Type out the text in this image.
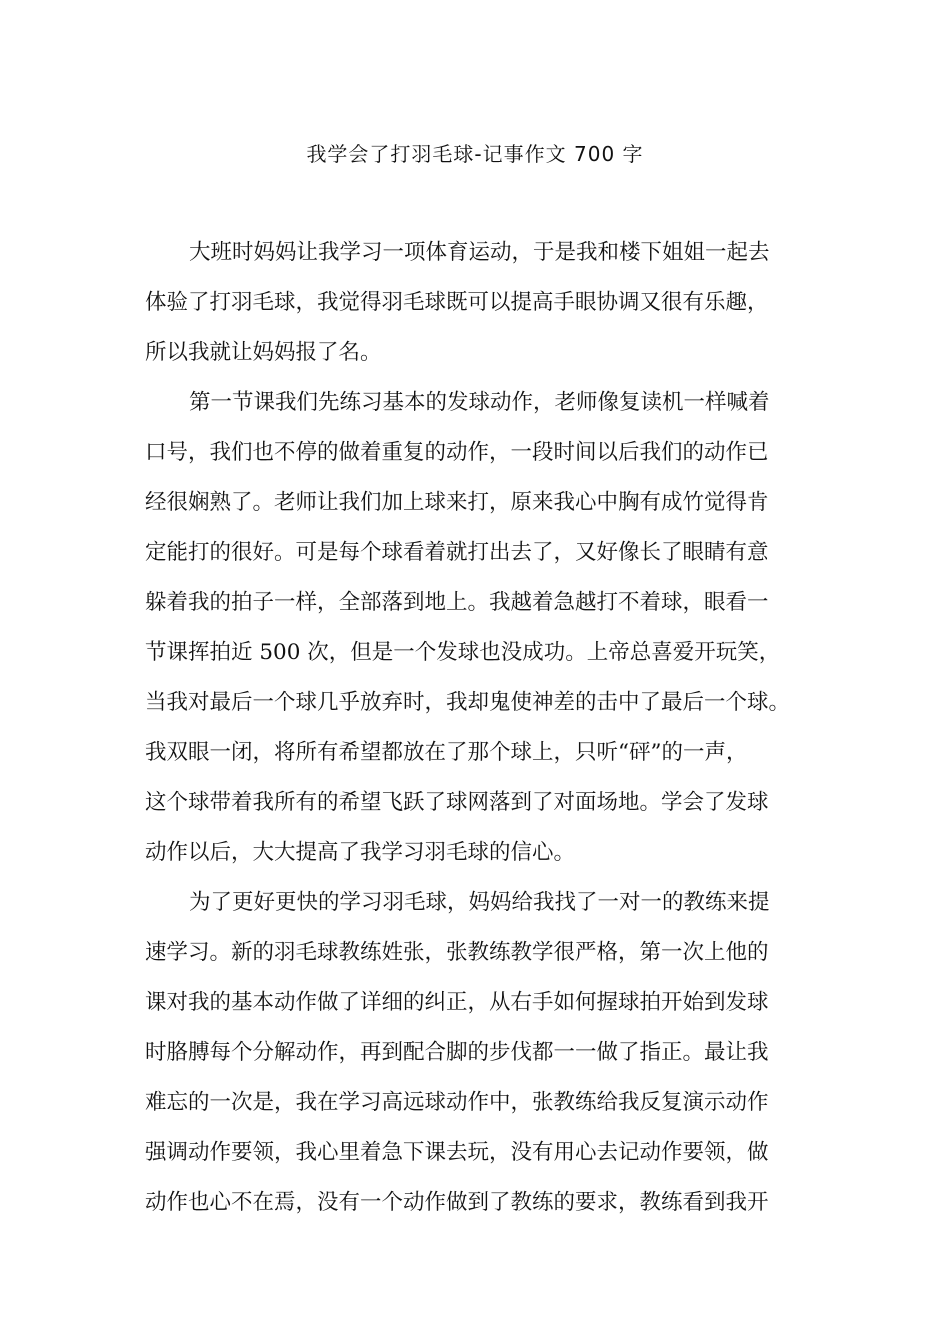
我学会了打羽毛球-记事作文 700 字
大班时妈妈让我学习一项体育运动，于是我和楼下姐姐一起去
体验了打羽毛球，我觉得羽毛球既可以提高手眼协调又很有乐趣，
所以我就让妈妈报了名。
第一节课我们先练习基本的发球动作，老师像复读机一样喊着
口号，我们也不停的做着重复的动作，一段时间以后我们的动作已
经很娴熟了。老师让我们加上球来打，原来我心中胸有成竹觉得肯
定能打的很好。可是每个球看着就打出去了，又好像长了眼睛有意
躲着我的拍子一样，全部落到地上。我越着急越打不着球，眼看一
节课挥拍近 500 次，但是一个发球也没成功。上帝总喜爱开玩笑，
当我对最后一个球几乎放弃时，我却鬼使神差的击中了最后一个球。
我双眼一闭，将所有希望都放在了那个球上，只听“砰”的一声，
这个球带着我所有的希望飞跃了球网落到了对面场地。学会了发球
动作以后，大大提高了我学习羽毛球的信心。
为了更好更快的学习羽毛球，妈妈给我找了一对一的教练来提
速学习。新的羽毛球教练姓张，张教练教学很严格，第一次上他的
课对我的基本动作做了详细的纠正，从右手如何握球拍开始到发球
时胳膊每个分解动作，再到配合脚的步伐都一一做了指正。最让我
难忘的一次是，我在学习高远球动作中，张教练给我反复演示动作
强调动作要领，我心里着急下课去玩，没有用心去记动作要领，做
动作也心不在焉，没有一个动作做到了教练的要求，教练看到我开
